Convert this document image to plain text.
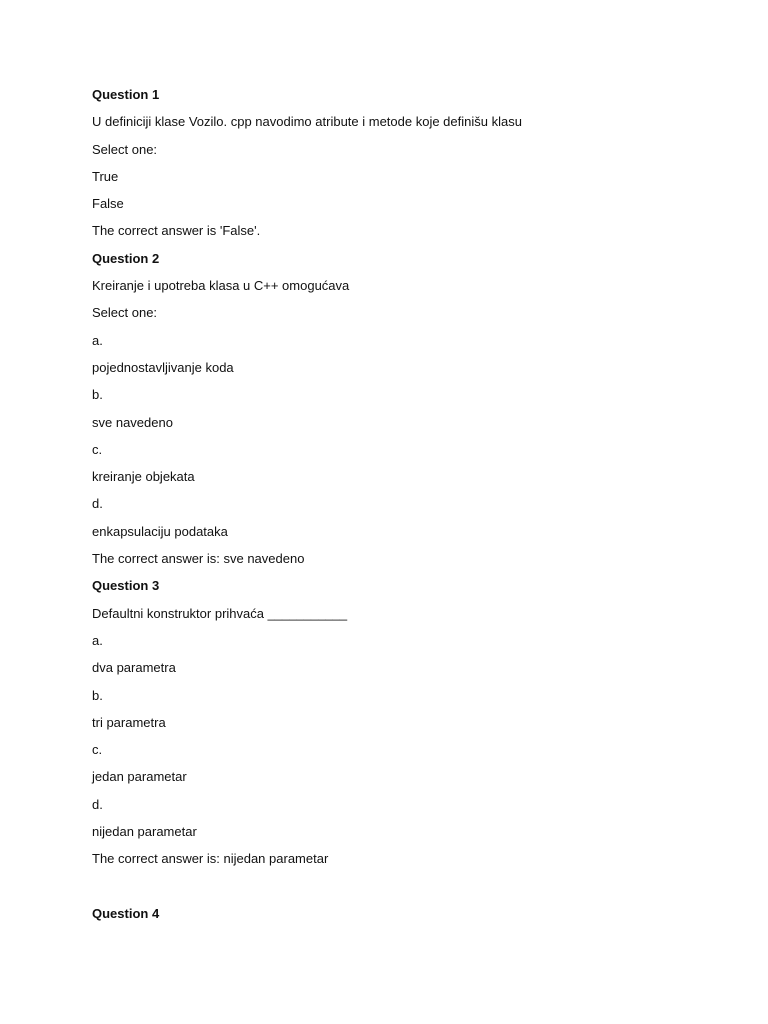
Question 1
U definiciji klase Vozilo. cpp navodimo atribute i metode koje definišu klasu
Select one:
True
False
The correct answer is 'False'.
Question 2
Kreiranje i upotreba klasa u C++ omogućava
Select one:
a.
pojednostavljivanje koda
b.
sve navedeno
c.
kreiranje objekata
d.
enkapsulaciju podataka
The correct answer is: sve navedeno
Question 3
Defaultni konstruktor prihvaća ___________
a.
dva parametra
b.
tri parametra
c.
jedan parametar
d.
nijedan parametar
The correct answer is: nijedan parametar
Question 4
